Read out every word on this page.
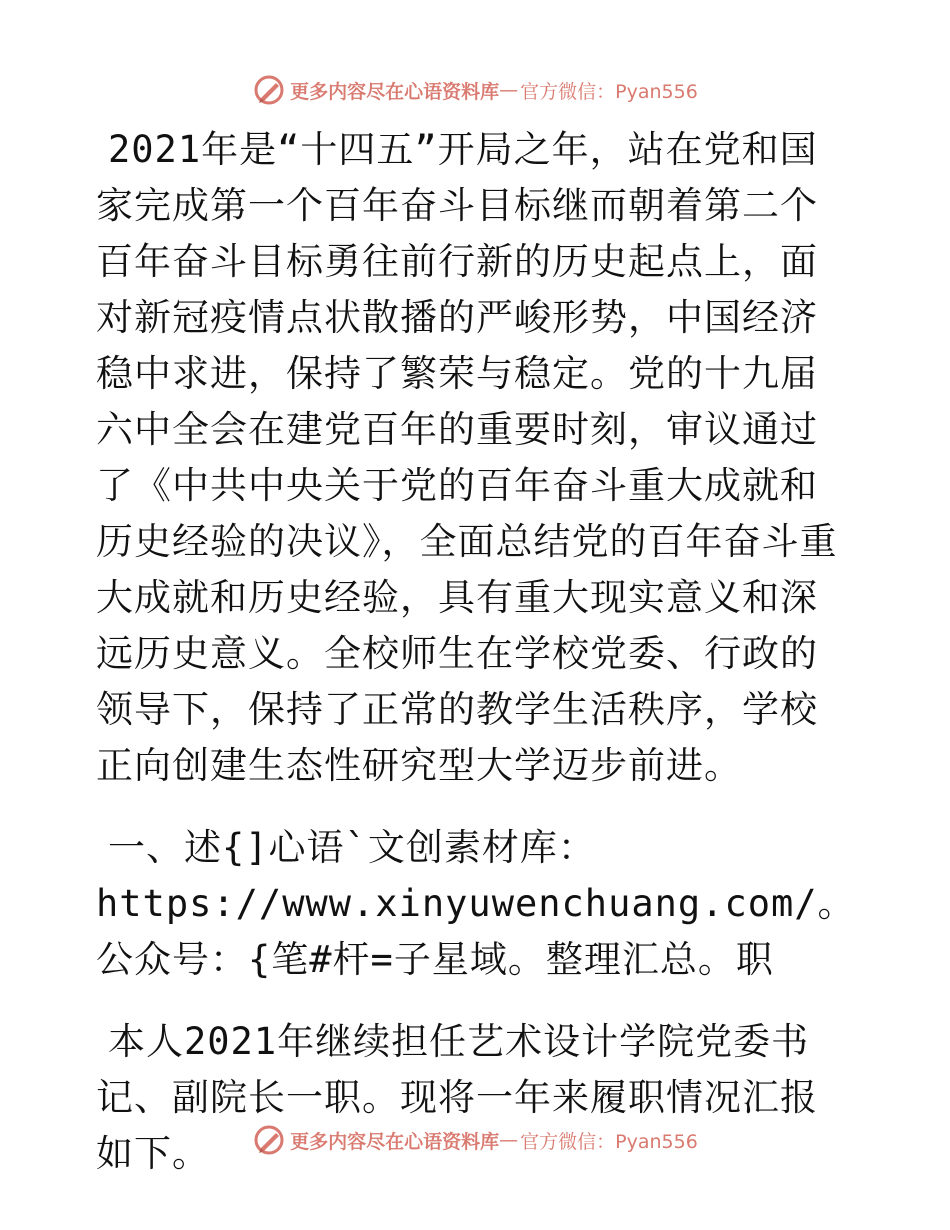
更多内容尽在心语资料库 — 官方微信：Pyan556

2021年是“十四五”开局之年，站在党和国家完成第一个百年奋斗目标继而朝着第二个百年奋斗目标勇往前行新的历史起点上，面对新冠疫情点状散播的严峻形势，中国经济稳中求进，保持了繁荣与稳定。党的十九届六中全会在建党百年的重要时刻，审议通过了《中共中央关于党的百年奋斗重大成就和历史经验的决议》，全面总结党的百年奋斗重大成就和历史经验，具有重大现实意义和深远历史意义。全校师生在学校党委、行政的领导下，保持了正常的教学生活秩序，学校正向创建生态性研究型大学迈步前进。

一、述{]心语`文创素材库：https://www.xinyuwenchuang.com/。公众号：{笔#杆=子星域。整理汇总。职

本人2021年继续担任艺术设计学院党委书记、副院长一职。现将一年来履职情况汇报如下。	更多内容尽在心语资料库 — 官方微信：Pyan556
